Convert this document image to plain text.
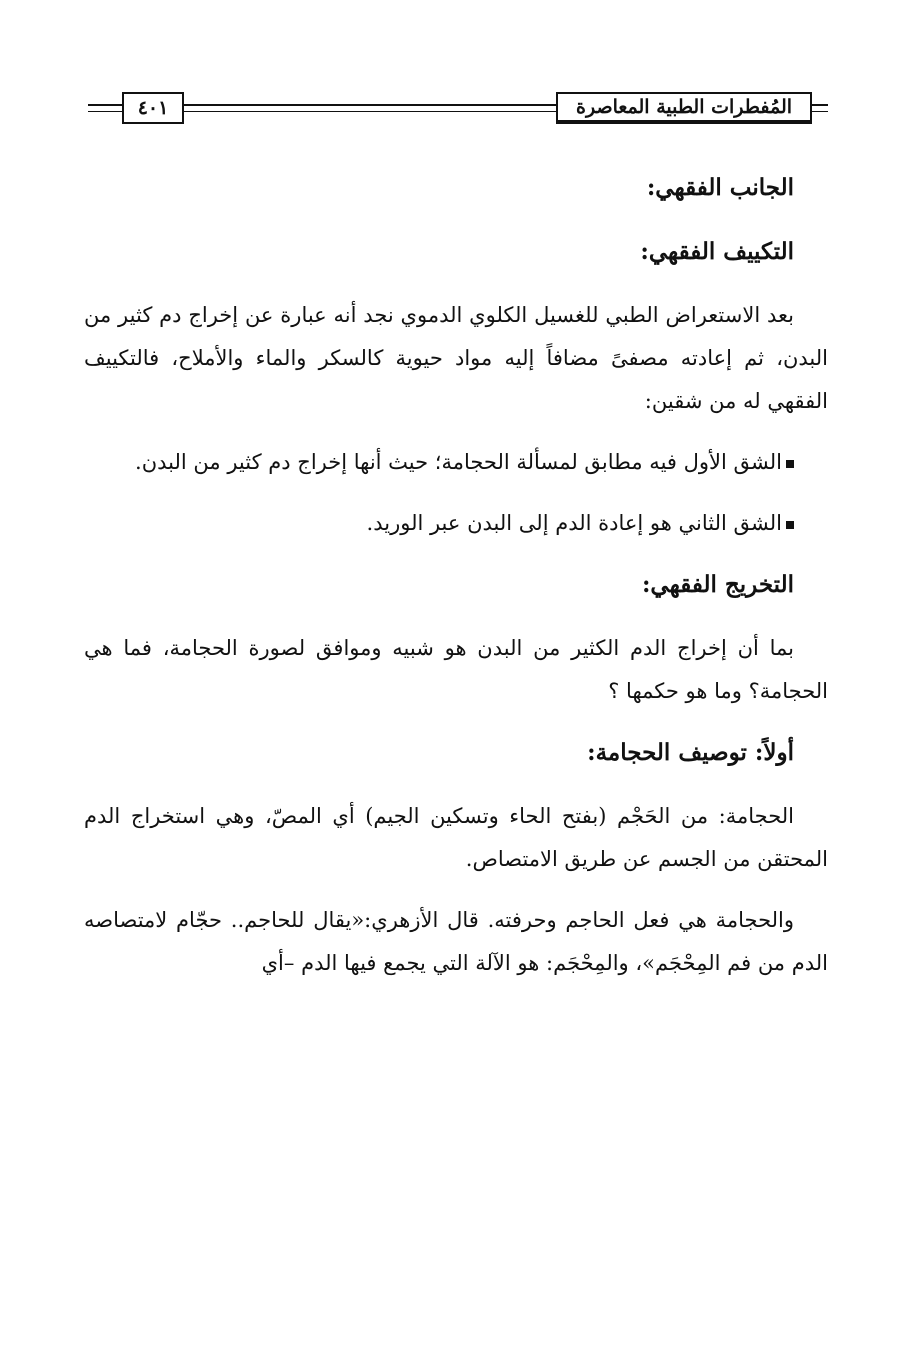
٤٠١	المُفطرات الطبية المعاصرة
الجانب الفقهي:
التكييف الفقهي:

بعد الاستعراض الطبي للغسيل الكلوي الدموي نجد أنه عبارة عن إخراج دم كثير من البدن، ثم إعادته مصفىً مضافاً إليه مواد حيوية كالسكر والماء والأملاح، فالتكييف الفقهي له من شقين:

الشق الأول فيه مطابق لمسألة الحجامة؛ حيث أنها إخراج دم كثير من البدن.
الشق الثاني هو إعادة الدم إلى البدن عبر الوريد.
التخريج الفقهي:

بما أن إخراج الدم الكثير من البدن هو شبيه وموافق لصورة الحجامة، فما هي الحجامة؟ وما هو حكمها ؟

أولاً: توصيف الحجامة:

الحجامة: من الحَجْم (بفتح الحاء وتسكين الجيم) أي المصّ، وهي استخراج الدم المحتقن من الجسم عن طريق الامتصاص.

والحجامة هي فعل الحاجم وحرفته. قال الأزهري:«يقال للحاجم.. حجّام لامتصاصه الدم من فم المِحْجَم»، والمِحْجَم: هو الآلة التي يجمع فيها الدم –أي
